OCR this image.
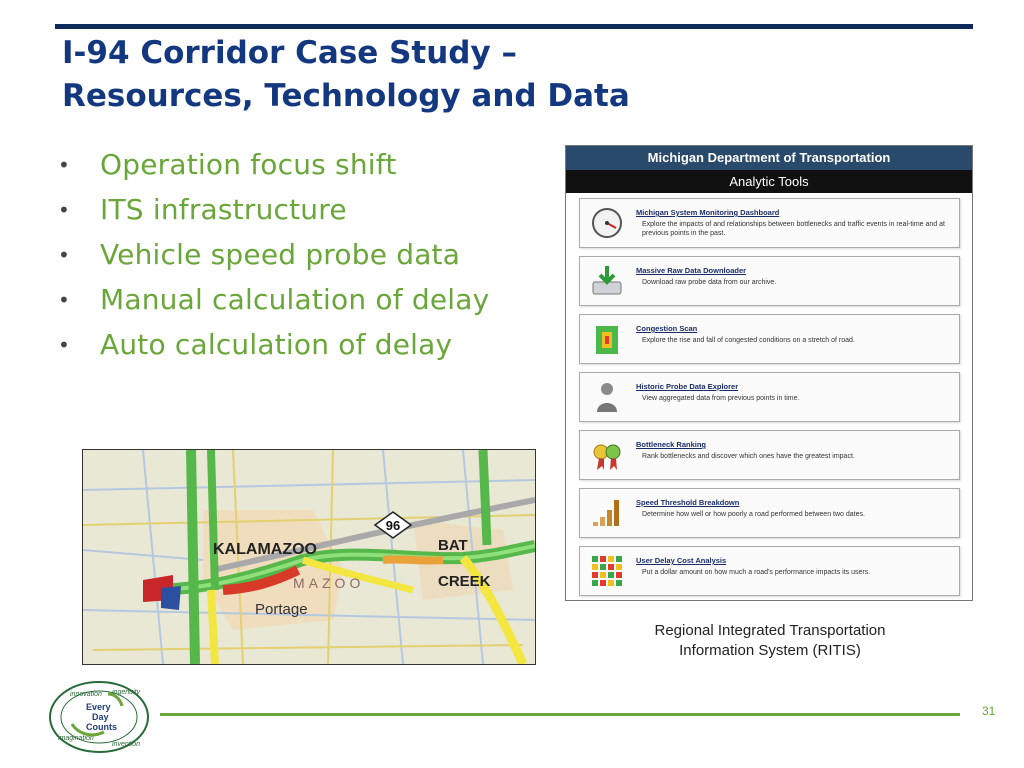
I-94 Corridor Case Study –
Resources, Technology and Data
• Operation focus shift
• ITS infrastructure
• Vehicle speed probe data
• Manual calculation of delay
• Auto calculation of delay
96
KALAMAZOO
MAZOO
Portage
BAT
CREEK
Michigan Department of Transportation
Analytic Tools
Michigan System Monitoring Dashboard
Explore the impacts of and relationships between bottlenecks and traffic events in real-time and at previous points in the past.
Massive Raw Data Downloader
Download raw probe data from our archive.
Congestion Scan
Explore the rise and fall of congested conditions on a stretch of road.
Historic Probe Data Explorer
View aggregated data from previous points in time.
Bottleneck Ranking
Rank bottlenecks and discover which ones have the greatest impact.
Speed Threshold Breakdown
Determine how well or how poorly a road performed between two dates.
User Delay Cost Analysis
Put a dollar amount on how much a road's performance impacts its users.
Regional Integrated Transportation
Information System (RITIS)
innovation ingenuity
invention
imagination
Every
Day
Counts
31
